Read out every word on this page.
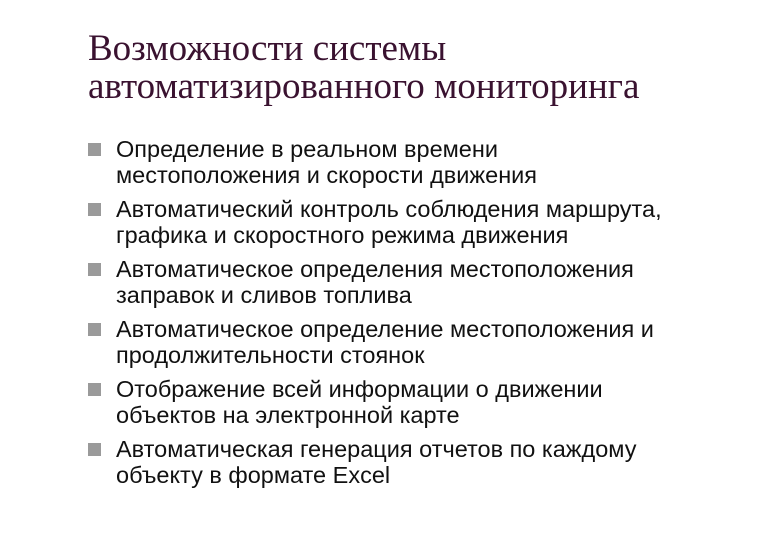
Возможности системы
автоматизированного мониторинга
Определение в реальном времени
местоположения и скорости движения
Автоматический контроль соблюдения маршрута,
графика и скоростного режима движения
Автоматическое определения местоположения
заправок и сливов топлива
Автоматическое определение местоположения и
продолжительности стоянок
Отображение всей информации о движении
объектов на электронной карте
Автоматическая генерация отчетов по каждому
объекту в формате Excel
